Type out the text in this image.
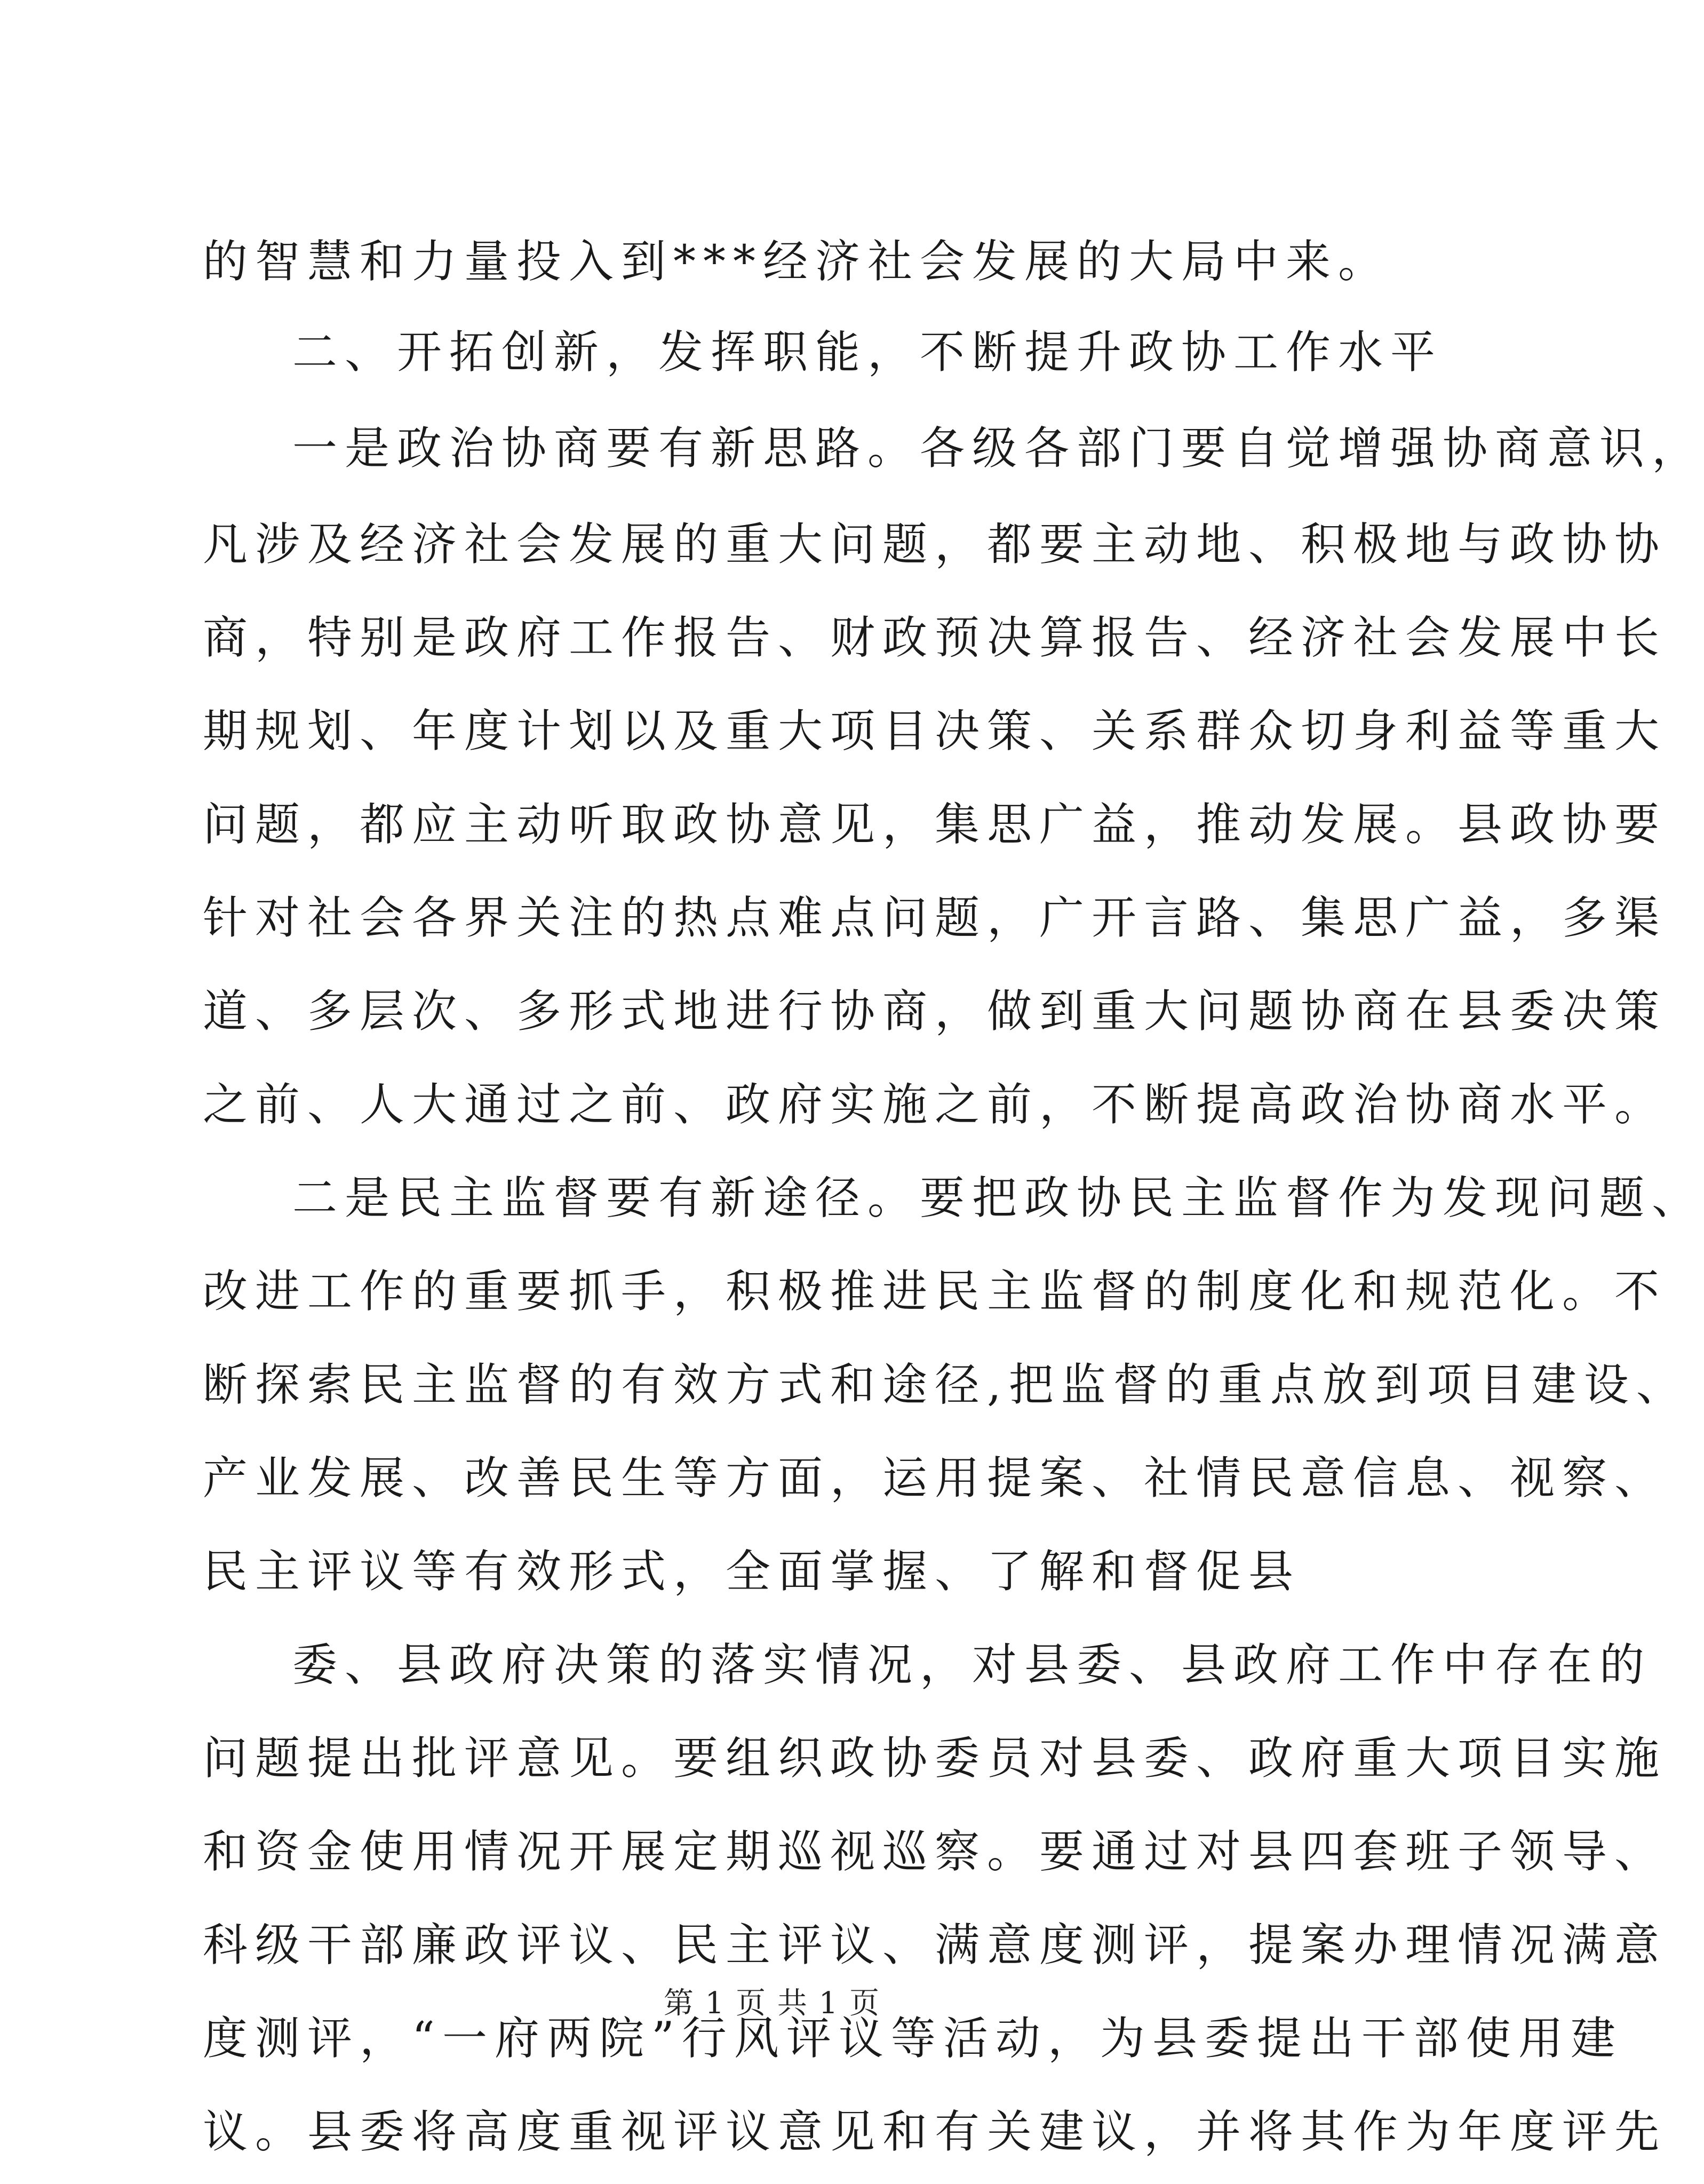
的智慧和力量投入到***经济社会发展的大局中来。
二、开拓创新，发挥职能，不断提升政协工作水平
一是政治协商要有新思路。各级各部门要自觉增强协商意识，
凡涉及经济社会发展的重大问题，都要主动地、积极地与政协协
商，特别是政府工作报告、财政预决算报告、经济社会发展中长
期规划、年度计划以及重大项目决策、关系群众切身利益等重大
问题，都应主动听取政协意见，集思广益，推动发展。县政协要
针对社会各界关注的热点难点问题，广开言路、集思广益，多渠
道、多层次、多形式地进行协商，做到重大问题协商在县委决策
之前、人大通过之前、政府实施之前，不断提高政治协商水平。
二是民主监督要有新途径。要把政协民主监督作为发现问题、
改进工作的重要抓手，积极推进民主监督的制度化和规范化。不
断探索民主监督的有效方式和途径,把监督的重点放到项目建设、
产业发展、改善民生等方面，运用提案、社情民意信息、视察、
民主评议等有效形式，全面掌握、了解和督促县
委、县政府决策的落实情况，对县委、县政府工作中存在的
问题提出批评意见。要组织政协委员对县委、政府重大项目实施
和资金使用情况开展定期巡视巡察。要通过对县四套班子领导、
科级干部廉政评议、民主评议、满意度测评，提案办理情况满意
度测评，“一府两院”行风评议等活动，为县委提出干部使用建
议。县委将高度重视评议意见和有关建议，并将其作为年度评先
第 1 页 共 1 页
